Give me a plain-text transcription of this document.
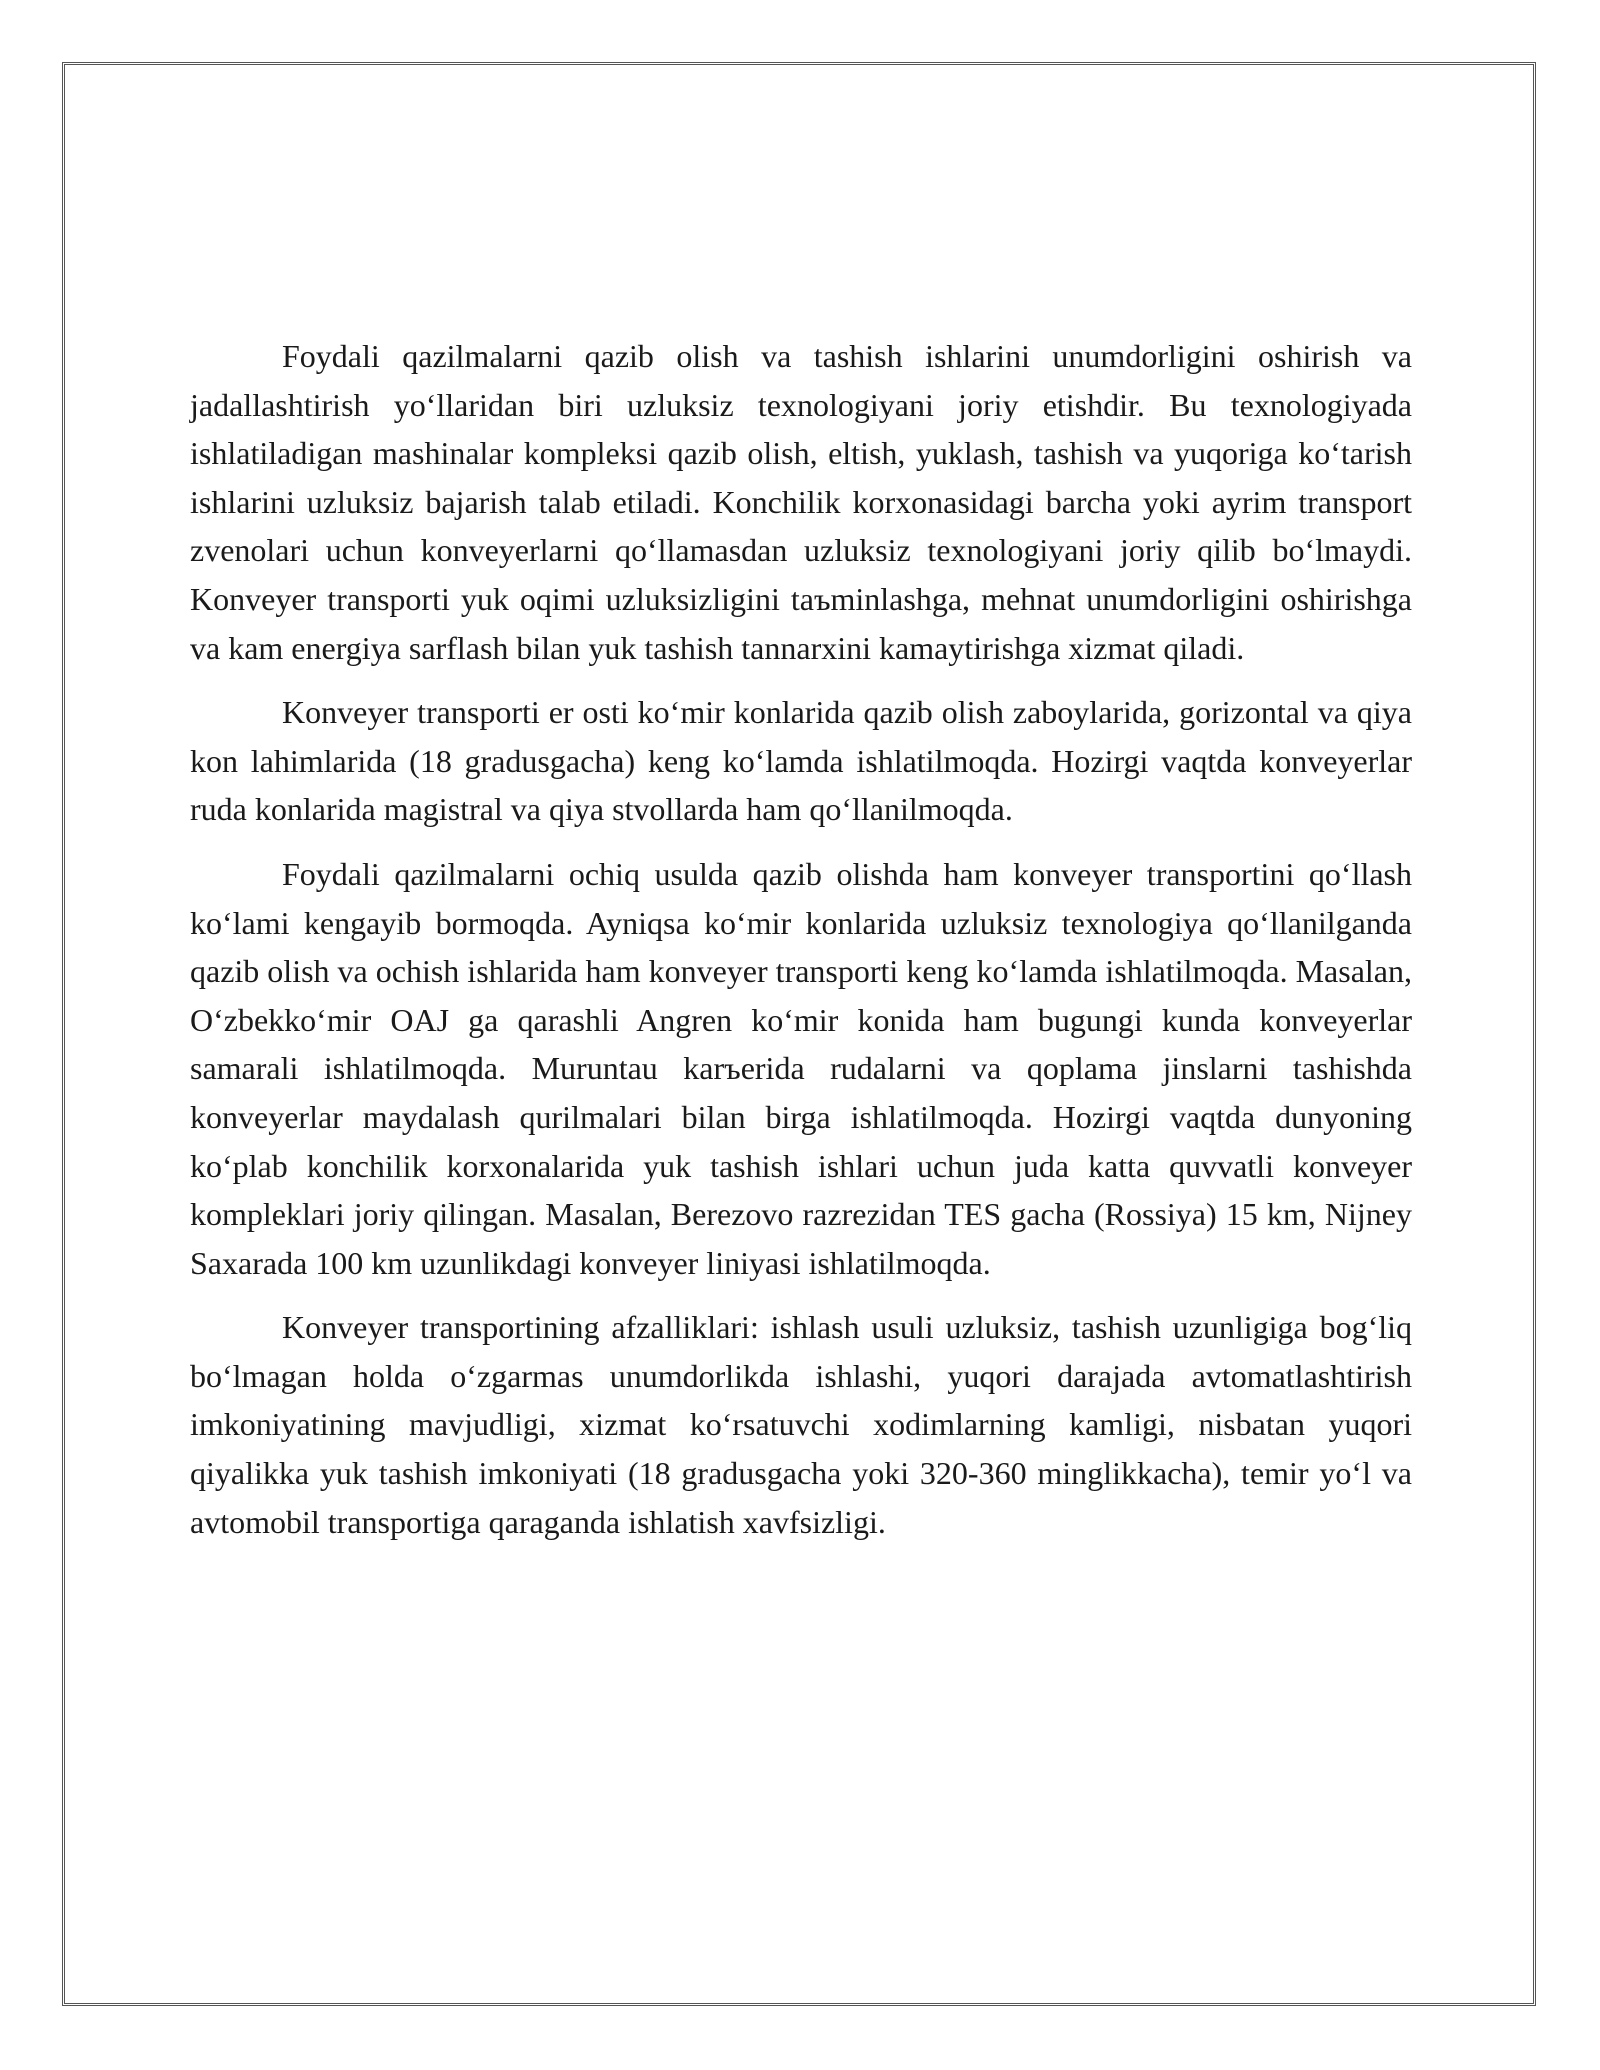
Foydali qazilmalarni qazib olish va tashish ishlarini unumdorligini oshirish va jadallashtirish yo‘llaridan biri uzluksiz texnologiyani joriy etishdir. Bu texnologiyada ishlatiladigan mashinalar kompleksi qazib olish, eltish, yuklash, tashish va yuqoriga ko‘tarish ishlarini uzluksiz bajarish talab etiladi. Konchilik korxonasidagi barcha yoki ayrim transport zvenolari uchun konveyerlarni qo‘llamasdan uzluksiz texnologiyani joriy qilib bo‘lmaydi. Konveyer transporti yuk oqimi uzluksizligini taъminlashga, mehnat unumdorligini oshirishga va kam energiya sarflash bilan yuk tashish tannarxini kamaytirishga xizmat qiladi.

Konveyer transporti er osti ko‘mir konlarida qazib olish zaboylarida, gorizontal va qiya kon lahimlarida (18 gradusgacha) keng ko‘lamda ishlatilmoqda. Hozirgi vaqtda konveyerlar ruda konlarida magistral va qiya stvollarda ham qo‘llanilmoqda.

Foydali qazilmalarni ochiq usulda qazib olishda ham konveyer transportini qo‘llash ko‘lami kengayib bormoqda. Ayniqsa ko‘mir konlarida uzluksiz texnologiya qo‘llanilganda qazib olish va ochish ishlarida ham konveyer transporti keng ko‘lamda ishlatilmoqda. Masalan, O‘zbekko‘mir OAJ ga qarashli Angren ko‘mir konida ham bugungi kunda konveyerlar samarali ishlatilmoqda. Muruntau karъerida rudalarni va qoplama jinslarni tashishda konveyerlar maydalash qurilmalari bilan birga ishlatilmoqda. Hozirgi vaqtda dunyoning ko‘plab konchilik korxonalarida yuk tashish ishlari uchun juda katta quvvatli konveyer kompleklari joriy qilingan. Masalan, Berezovo razrezidan TES gacha (Rossiya) 15 km, Nijney Saxarada 100 km uzunlikdagi konveyer liniyasi ishlatilmoqda.

Konveyer transportining afzalliklari: ishlash usuli uzluksiz, tashish uzunligiga bog‘liq bo‘lmagan holda o‘zgarmas unumdorlikda ishlashi, yuqori darajada avtomatlashtirish imkoniyatining mavjudligi, xizmat ko‘rsatuvchi xodimlarning kamligi, nisbatan yuqori qiyalikka yuk tashish imkoniyati (18 gradusgacha yoki 320-360 minglikkacha), temir yo‘l va avtomobil transportiga qaraganda ishlatish xavfsizligi.
